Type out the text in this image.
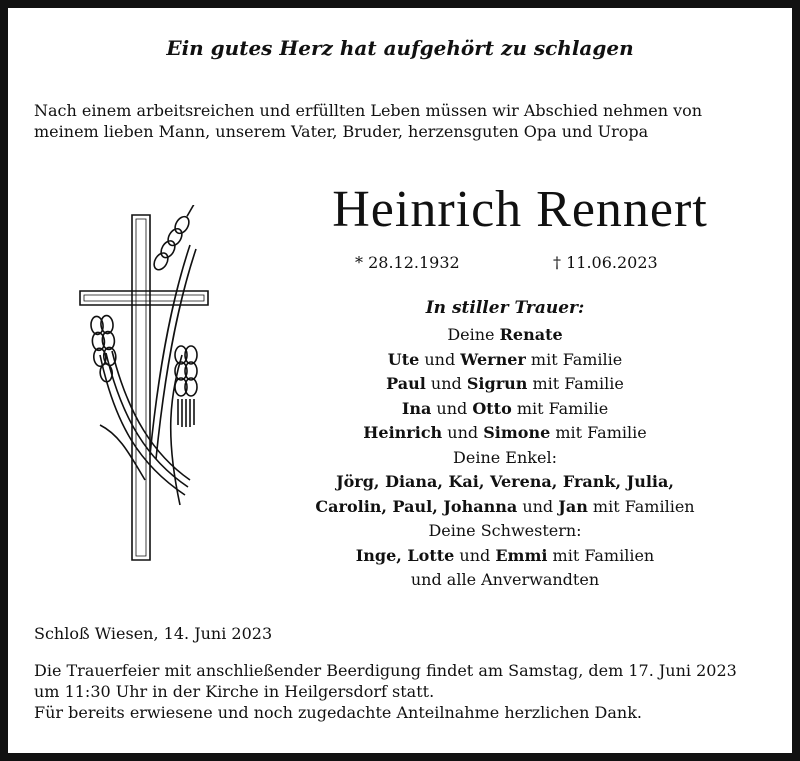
Ein gutes Herz hat aufgehört zu schlagen
Nach einem arbeitsreichen und erfüllten Leben müssen wir Abschied nehmen von
meinem lieben Mann, unserem Vater, Bruder, herzensguten Opa und Uropa
Heinrich Rennert
* 28.12.1932	† 11.06.2023
In stiller Trauer:
Deine Renate
Ute und Werner mit Familie
Paul und Sigrun mit Familie
Ina und Otto mit Familie
Heinrich und Simone mit Familie
Deine Enkel:
Jörg, Diana, Kai, Verena, Frank, Julia,
Carolin, Paul, Johanna und Jan mit Familien
Deine Schwestern:
Inge, Lotte und Emmi mit Familien
und alle Anverwandten
Schloß Wiesen, 14. Juni 2023
Die Trauerfeier mit anschließender Beerdigung findet am Samstag, dem 17. Juni 2023
um 11:30 Uhr in der Kirche in Heilgersdorf statt.
Für bereits erwiesene und noch zugedachte Anteilnahme herzlichen Dank.
